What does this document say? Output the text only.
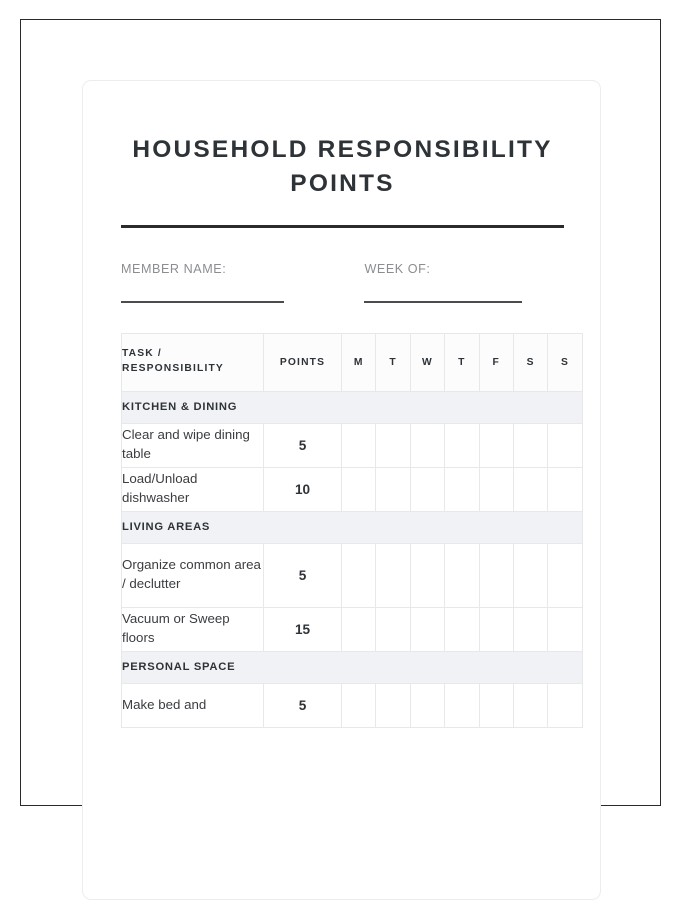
HOUSEHOLD RESPONSIBILITY POINTS
MEMBER NAME:	WEEK OF:
TASK / RESPONSIBILITY	POINTS	M	T	W	T	F	S	S
KITCHEN & DINING								
Clear and wipe dining table	5							
Load/Unload dishwasher	10							
LIVING AREAS								
Organize common area / declutter	5							
Vacuum or Sweep floors	15							
PERSONAL SPACE								
Make bed and	5							
